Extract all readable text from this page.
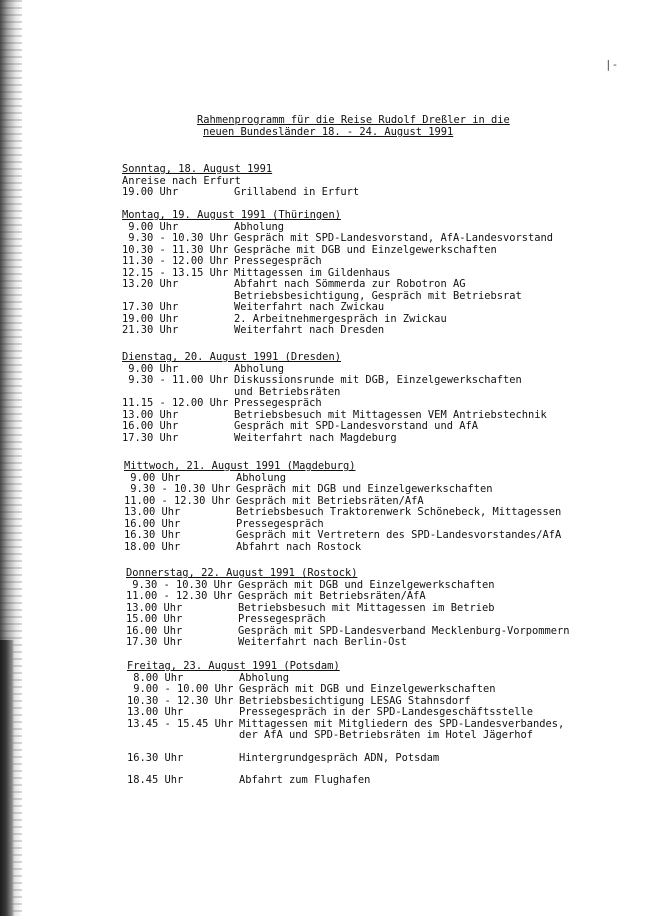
|-
Rahmenprogramm für die Reise Rudolf Dreßler in die
neuen Bundesländer 18. - 24. August 1991
Sonntag, 18. August 1991
Anreise nach Erfurt
19.00 Uhr	Grillabend in Erfurt
Montag, 19. August 1991 (Thüringen)
9.00 Uhr	Abholung
9.30 - 10.30 Uhr Gespräch mit SPD-Landesvorstand, AfA-Landesvorstand
10.30 - 11.30 Uhr Gespräche mit DGB und Einzelgewerkschaften
11.30 - 12.00 Uhr Pressegespräch
12.15 - 13.15 Uhr Mittagessen im Gildenhaus
13.20 Uhr	Abfahrt nach Sömmerda zur Robotron AG
Betriebsbesichtigung, Gespräch mit Betriebsrat
17.30 Uhr	Weiterfahrt nach Zwickau
19.00 Uhr	2. Arbeitnehmergespräch in Zwickau
21.30 Uhr	Weiterfahrt nach Dresden
Dienstag, 20. August 1991 (Dresden)
9.00 Uhr	Abholung
9.30 - 11.00 Uhr Diskussionsrunde mit DGB, Einzelgewerkschaften
und Betriebsräten
11.15 - 12.00 Uhr Pressegespräch
13.00 Uhr	Betriebsbesuch mit Mittagessen VEM Antriebstechnik
16.00 Uhr	Gespräch mit SPD-Landesvorstand und AfA
17.30 Uhr	Weiterfahrt nach Magdeburg
Mittwoch, 21. August 1991 (Magdeburg)
9.00 Uhr	Abholung
9.30 - 10.30 Uhr Gespräch mit DGB und Einzelgewerkschaften
11.00 - 12.30 Uhr Gespräch mit Betriebsräten/AfA
13.00 Uhr	Betriebsbesuch Traktorenwerk Schönebeck, Mittagessen
16.00 Uhr	Pressegespräch
16.30 Uhr	Gespräch mit Vertretern des SPD-Landesvorstandes/AfA
18.00 Uhr	Abfahrt nach Rostock
Donnerstag, 22. August 1991 (Rostock)
9.30 - 10.30 Uhr Gespräch mit DGB und Einzelgewerkschaften
11.00 - 12.30 Uhr Gespräch mit Betriebsräten/AfA
13.00 Uhr	Betriebsbesuch mit Mittagessen im Betrieb
15.00 Uhr	Pressegespräch
16.00 Uhr	Gespräch mit SPD-Landesverband Mecklenburg-Vorpommern
17.30 Uhr	Weiterfahrt nach Berlin-Ost
Freitag, 23. August 1991 (Potsdam)
8.00 Uhr	Abholung
9.00 - 10.00 Uhr Gespräch mit DGB und Einzelgewerkschaften
10.30 - 12.30 Uhr Betriebsbesichtigung LESAG Stahnsdorf
13.00 Uhr	Pressegespräch in der SPD-Landesgeschäftsstelle
13.45 - 15.45 Uhr Mittagessen mit Mitgliedern des SPD-Landesverbandes,
der AfA und SPD-Betriebsräten im Hotel Jägerhof
16.30 Uhr	Hintergrundgespräch ADN, Potsdam
18.45 Uhr	Abfahrt zum Flughafen
